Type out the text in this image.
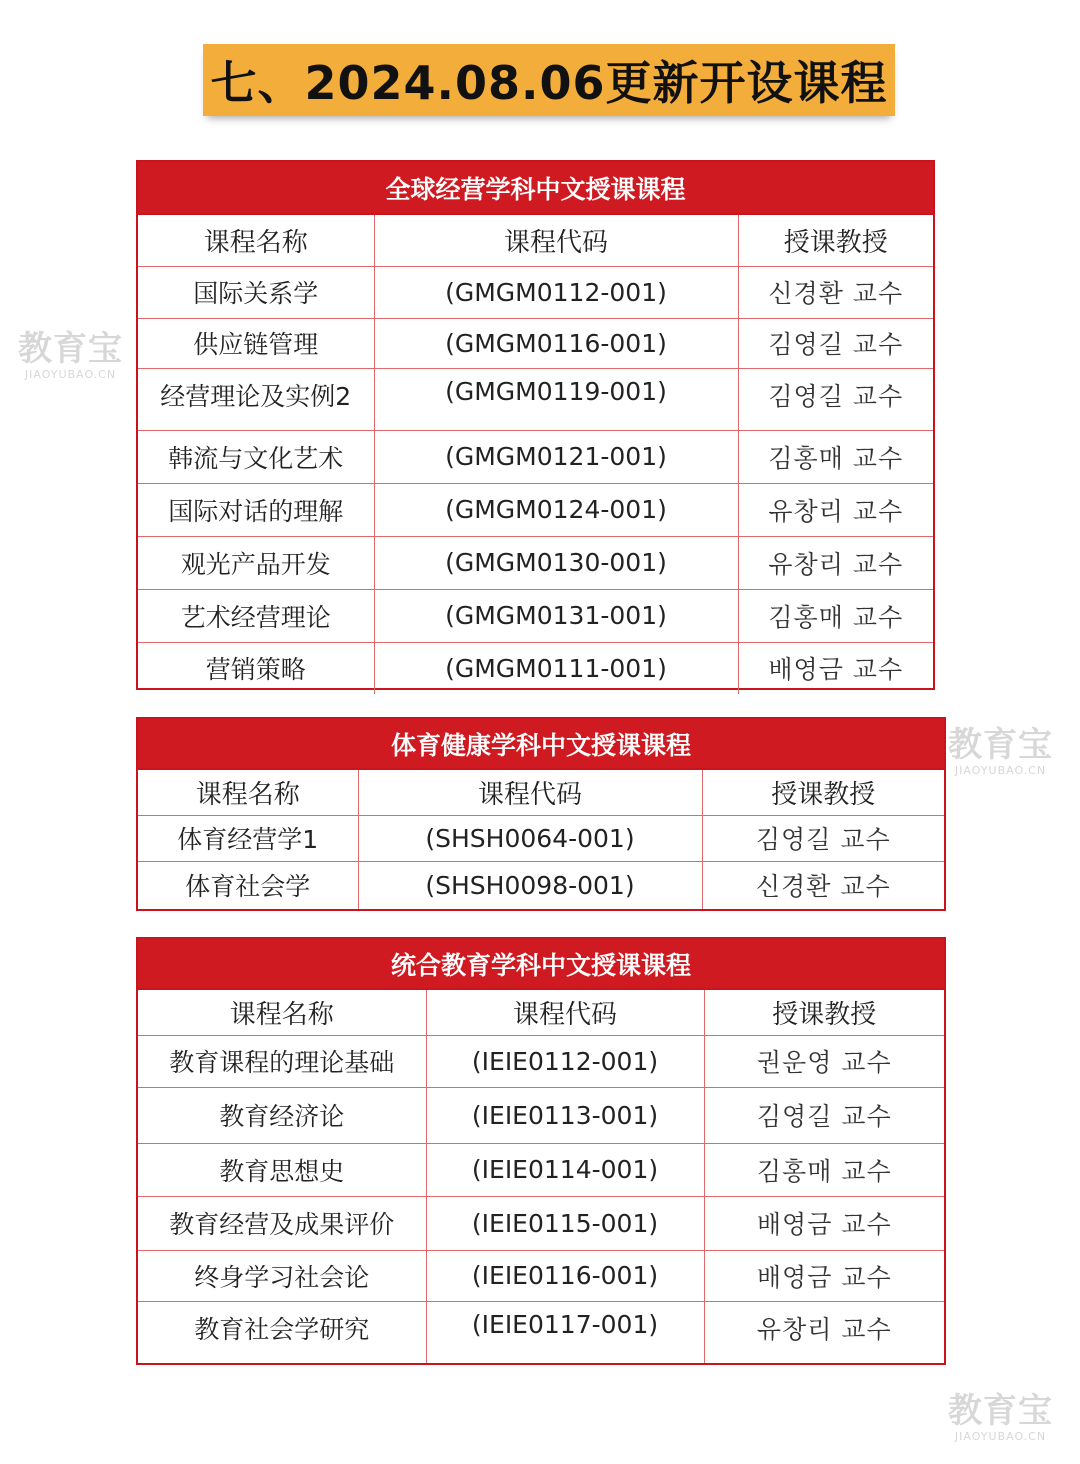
七、2024.08.06更新开设课程
全球经营学科中文授课课程		
课程名称	课程代码	授课教授
国际关系学	(GMGM0112-001)	신경환 교수
供应链管理	(GMGM0116-001)	김영길 교수
经营理论及实例2	(GMGM0119-001)	김영길 교수
韩流与文化艺术	(GMGM0121-001)	김홍매 교수
国际对话的理解	(GMGM0124-001)	유창리 교수
观光产品开发	(GMGM0130-001)	유창리 교수
艺术经营理论	(GMGM0131-001)	김홍매 교수
营销策略	(GMGM0111-001)	배영금 교수
体育健康学科中文授课课程		
课程名称	课程代码	授课教授
体育经营学1	(SHSH0064-001)	김영길 교수
体育社会学	(SHSH0098-001)	신경환 교수
统合教育学科中文授课课程		
课程名称	课程代码	授课教授
教育课程的理论基础	(IEIE0112-001)	권운영 교수
教育经济论	(IEIE0113-001)	김영길 교수
教育思想史	(IEIE0114-001)	김홍매 교수
教育经营及成果评价	(IEIE0115-001)	배영금 교수
终身学习社会论	(IEIE0116-001)	배영금 교수
教育社会学研究	(IEIE0117-001)	유창리 교수
教育宝
JIAOYUBAO.CN
教育宝
JIAOYUBAO.CN
教育宝
JIAOYUBAO.CN
